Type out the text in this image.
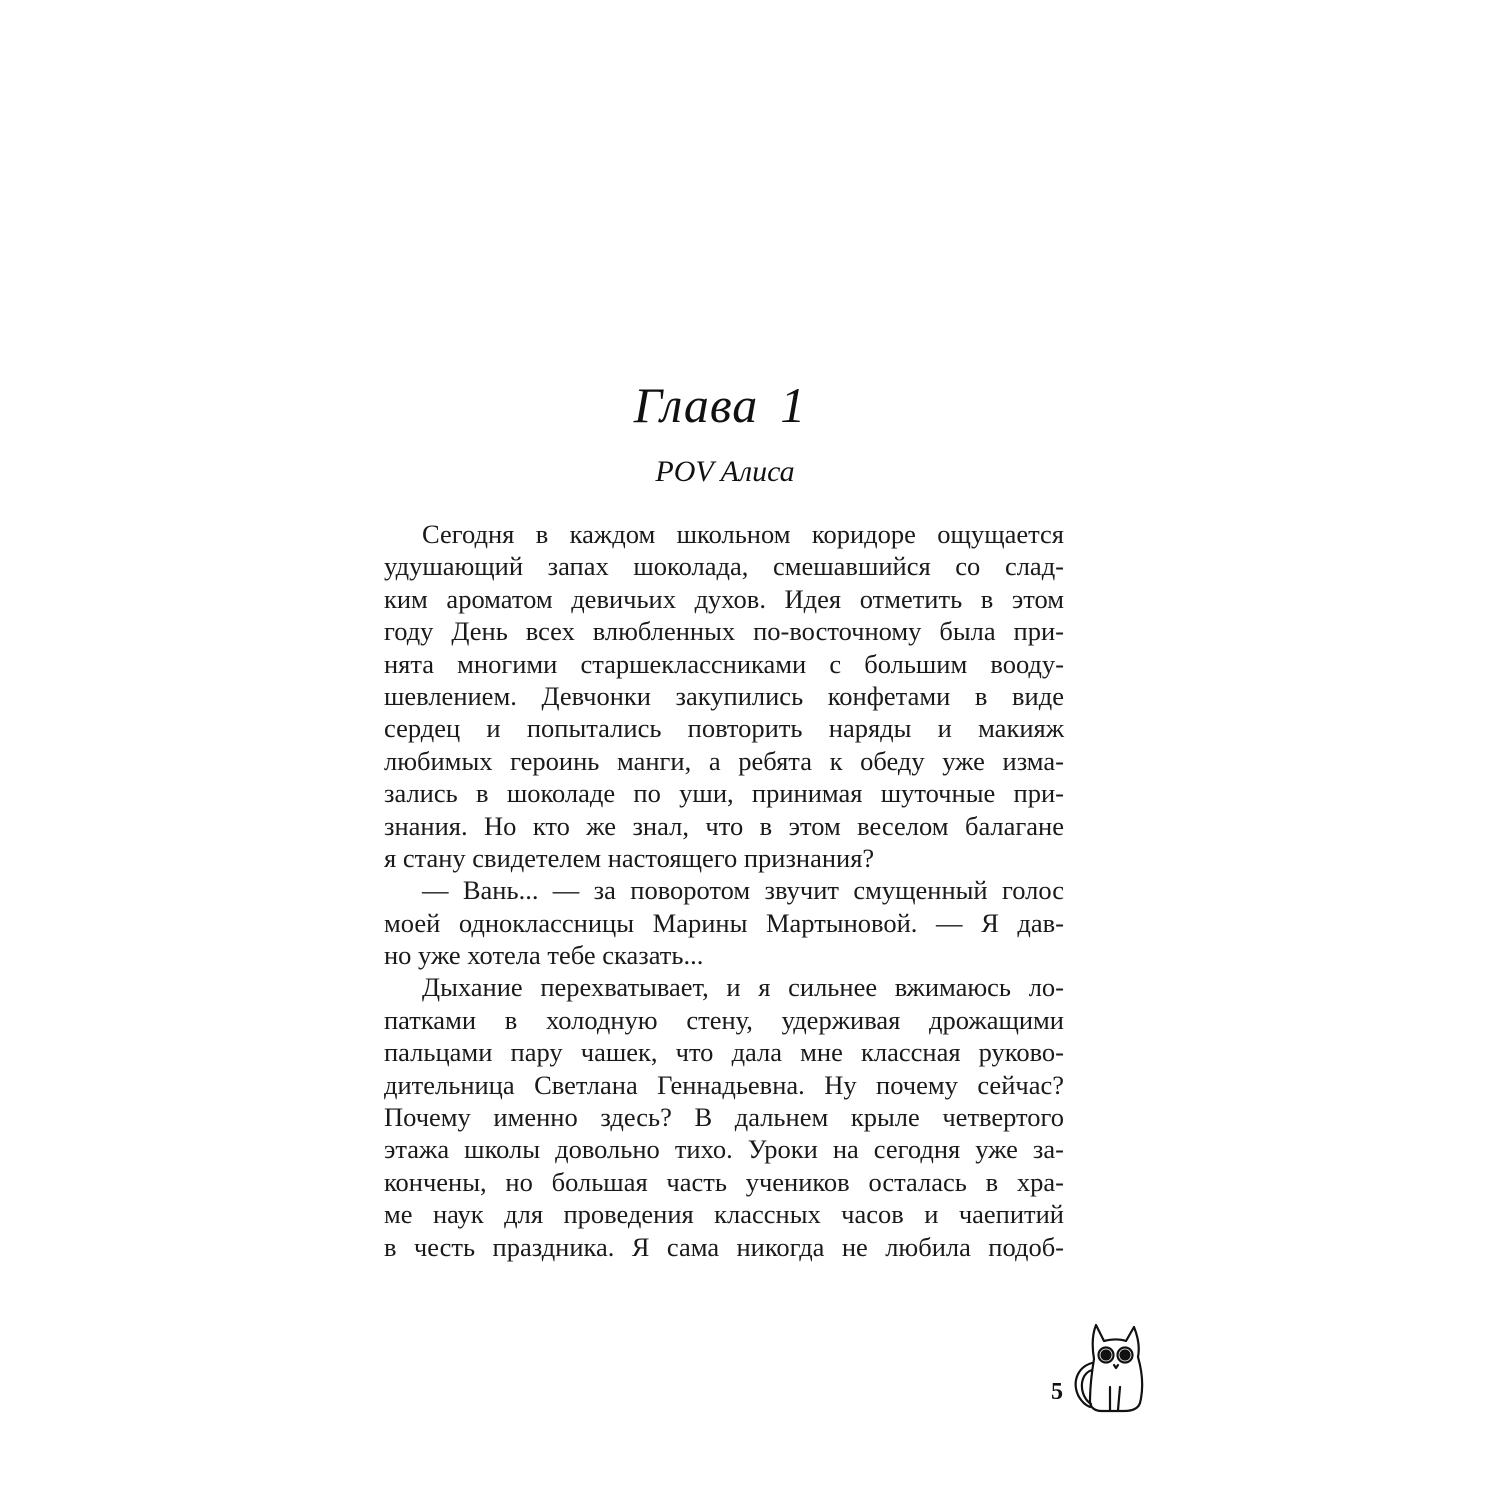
Глава 1
POV Алиса
Сегодня в каждом школьном коридоре ощущается
удушающий запах шоколада, смешавшийся со слад-
ким ароматом девичьих духов. Идея отметить в этом
году День всех влюбленных по-восточному была при-
нята многими старшеклассниками с большим вооду-
шевлением. Девчонки закупились конфетами в виде
сердец и попытались повторить наряды и макияж
любимых героинь манги, а ребята к обеду уже изма-
зались в шоколаде по уши, принимая шуточные при-
знания. Но кто же знал, что в этом веселом балагане
я стану свидетелем настоящего признания?
— Вань... — за поворотом звучит смущенный голос
моей одноклассницы Марины Мартыновой. — Я дав-
но уже хотела тебе сказать...
Дыхание перехватывает, и я сильнее вжимаюсь ло-
патками в холодную стену, удерживая дрожащими
пальцами пару чашек, что дала мне классная руково-
дительница Светлана Геннадьевна. Ну почему сейчас?
Почему именно здесь? В дальнем крыле четвертого
этажа школы довольно тихо. Уроки на сегодня уже за-
кончены, но большая часть учеников осталась в хра-
ме наук для проведения классных часов и чаепитий
в честь праздника. Я сама никогда не любила подоб-
5
